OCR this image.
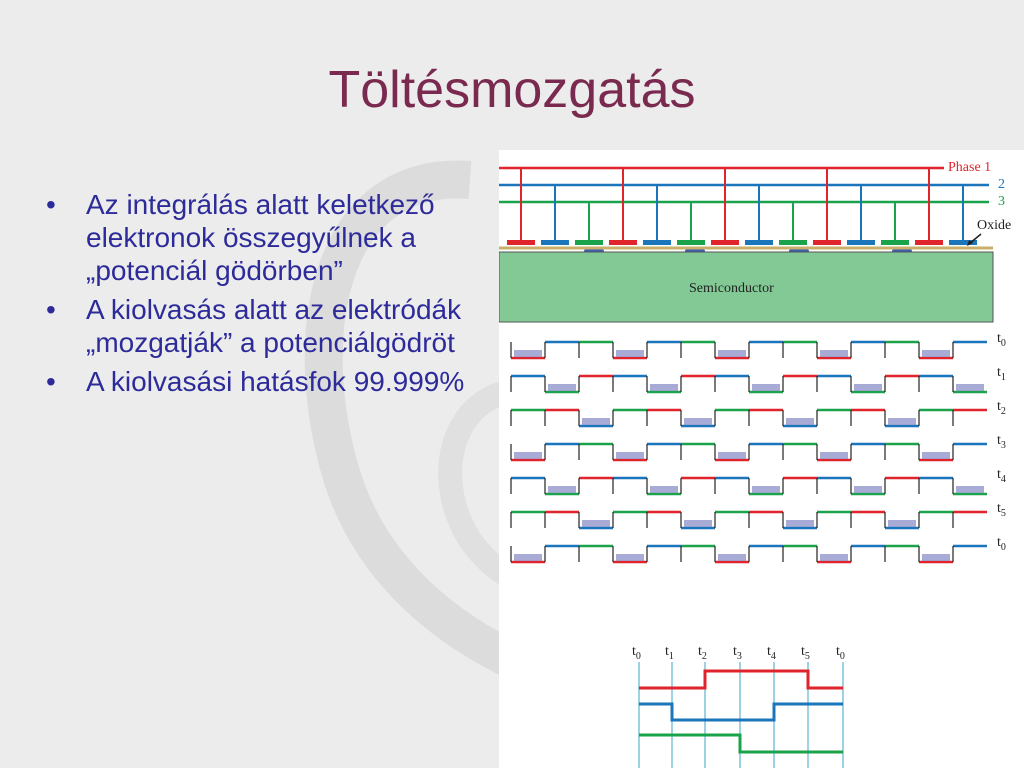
Töltésmozgatás
• Az integrálás alatt keletkező elektronok összegyűlnek a „potenciál gödörben”
• A kiolvasás alatt az elektródák „mozgatják” a potenciálgödröt
• A kiolvasási hatásfok 99.999%
Phase 1
2
3
Oxide
Semiconductor
$t_0$
$t_1$
$t_2$
$t_3$
$t_4$
$t_5$
$t_0$
$t_0$ $t_1$ $t_2$ $t_3$ $t_4$ $t_5$ $t_0$
